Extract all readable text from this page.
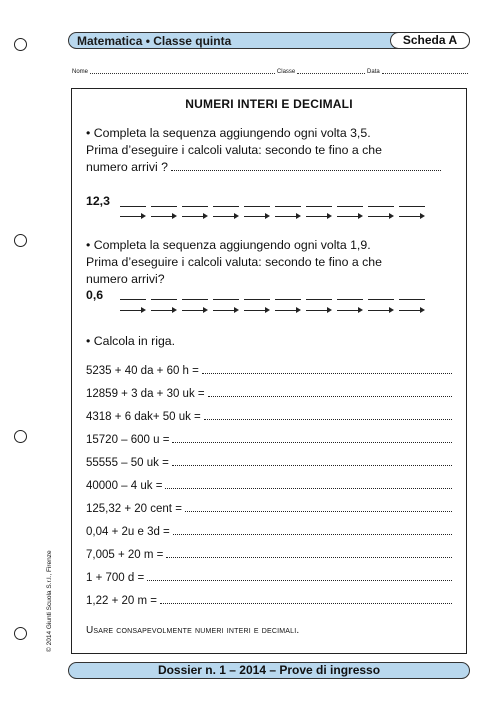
Matematica • Classe quinta	Scheda A
Nome	Classe	Data
NUMERI INTERI E DECIMALI
• Completa la sequenza aggiungendo ogni volta 3,5.
Prima d’eseguire i calcoli valuta: secondo te fino a che
numero arrivi ?
12,3
• Completa la sequenza aggiungendo ogni volta 1,9.
Prima d’eseguire i calcoli valuta: secondo te fino a che
numero arrivi?
0,6
• Calcola in riga.
5235 + 40 da + 60 h =
12859 + 3 da + 30 uk =
4318 + 6 dak+ 50 uk =
15720 – 600 u =
55555 – 50 uk =
40000 – 4 uk =
125,32 + 20 cent =
0,04 + 2u e 3d =
7,005 + 20 m =
1 + 700 d =
1,22 + 20 m =
Usare consapevolmente numeri interi e decimali.
© 2014 Giunti Scuola S.r.l., Firenze
Dossier n. 1 – 2014 – Prove di ingresso
